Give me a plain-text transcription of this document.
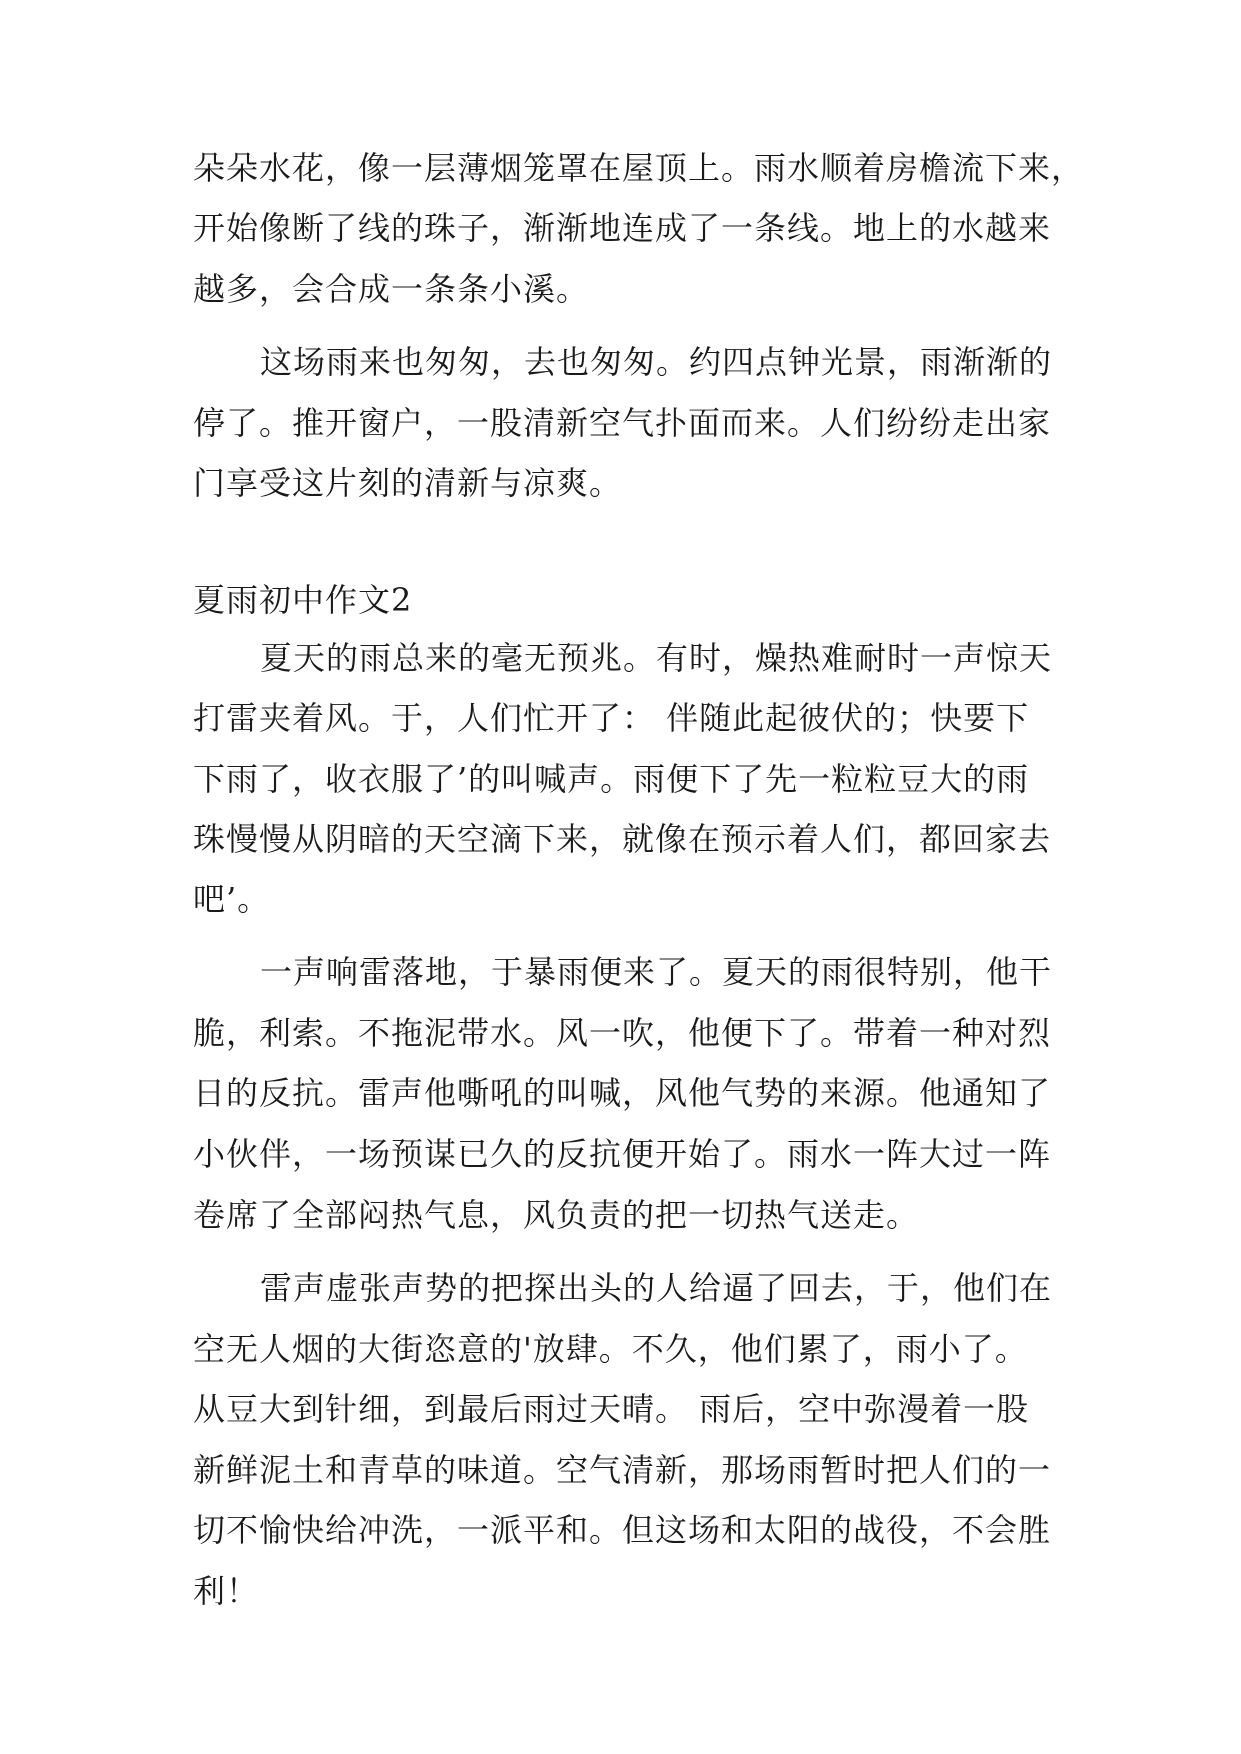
朵朵水花，像一层薄烟笼罩在屋顶上。雨水顺着房檐流下来，

开始像断了线的珠子，渐渐地连成了一条线。地上的水越来

越多，会合成一条条小溪。

这场雨来也匆匆，去也匆匆。约四点钟光景，雨渐渐的

停了。推开窗户，一股清新空气扑面而来。人们纷纷走出家

门享受这片刻的清新与凉爽。

夏雨初中作文2

夏天的雨总来的毫无预兆。有时，燥热难耐时一声惊天

打雷夹着风。于，人们忙开了： 伴随此起彼伏的；快要下

下雨了，收衣服了’的叫喊声。雨便下了先一粒粒豆大的雨

珠慢慢从阴暗的天空滴下来，就像在预示着人们，都回家去

吧’。

一声响雷落地，于暴雨便来了。夏天的雨很特别，他干

脆，利索。不拖泥带水。风一吹，他便下了。带着一种对烈

日的反抗。雷声他嘶吼的叫喊，风他气势的来源。他通知了

小伙伴，一场预谋已久的反抗便开始了。雨水一阵大过一阵

卷席了全部闷热气息，风负责的把一切热气送走。

雷声虚张声势的把探出头的人给逼了回去，于，他们在

空无人烟的大街恣意的'放肆。不久，他们累了，雨小了。

从豆大到针细，到最后雨过天晴。 雨后，空中弥漫着一股

新鲜泥土和青草的味道。空气清新，那场雨暂时把人们的一

切不愉快给冲洗，一派平和。但这场和太阳的战役，不会胜

利！
